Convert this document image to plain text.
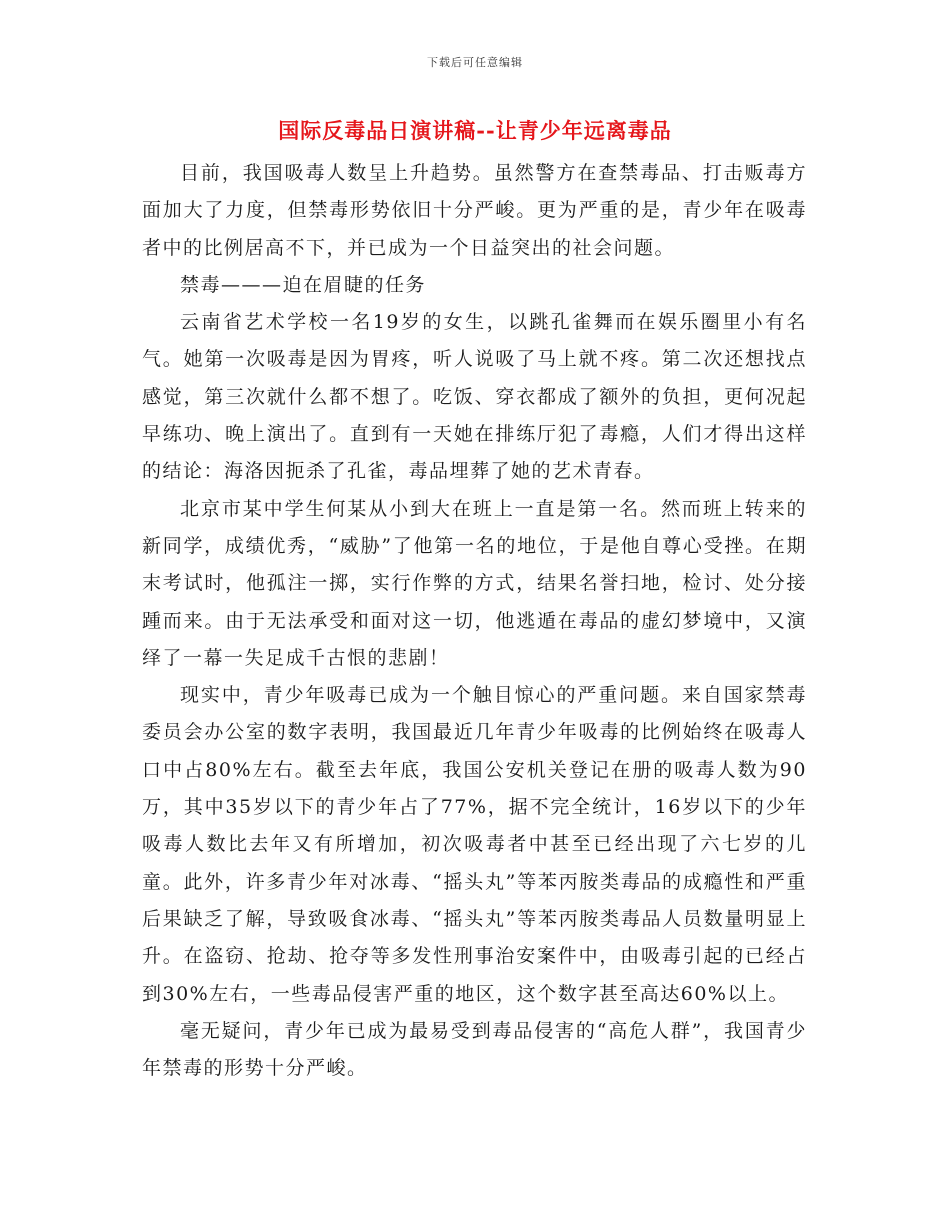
下载后可任意编辑
国际反毒品日演讲稿--让青少年远离毒品

目前，我国吸毒人数呈上升趋势。虽然警方在查禁毒品、打击贩毒方面加大了力度，但禁毒形势依旧十分严峻。更为严重的是，青少年在吸毒者中的比例居高不下，并已成为一个日益突出的社会问题。

禁毒———迫在眉睫的任务

云南省艺术学校一名19岁的女生，以跳孔雀舞而在娱乐圈里小有名气。她第一次吸毒是因为胃疼，听人说吸了马上就不疼。第二次还想找点感觉，第三次就什么都不想了。吃饭、穿衣都成了额外的负担，更何况起早练功、晚上演出了。直到有一天她在排练厅犯了毒瘾，人们才得出这样的结论：海洛因扼杀了孔雀，毒品埋葬了她的艺术青春。

北京市某中学生何某从小到大在班上一直是第一名。然而班上转来的新同学，成绩优秀，“威胁”了他第一名的地位，于是他自尊心受挫。在期末考试时，他孤注一掷，实行作弊的方式，结果名誉扫地，检讨、处分接踵而来。由于无法承受和面对这一切，他逃遁在毒品的虚幻梦境中，又演绎了一幕一失足成千古恨的悲剧！

现实中，青少年吸毒已成为一个触目惊心的严重问题。来自国家禁毒委员会办公室的数字表明，我国最近几年青少年吸毒的比例始终在吸毒人口中占80%左右。截至去年底，我国公安机关登记在册的吸毒人数为90万，其中35岁以下的青少年占了77%，据不完全统计，16岁以下的少年吸毒人数比去年又有所增加，初次吸毒者中甚至已经出现了六七岁的儿童。此外，许多青少年对冰毒、“摇头丸”等苯丙胺类毒品的成瘾性和严重后果缺乏了解，导致吸食冰毒、“摇头丸”等苯丙胺类毒品人员数量明显上升。在盗窃、抢劫、抢夺等多发性刑事治安案件中，由吸毒引起的已经占到30%左右，一些毒品侵害严重的地区，这个数字甚至高达60%以上。

毫无疑问，青少年已成为最易受到毒品侵害的“高危人群”，我国青少年禁毒的形势十分严峻。
